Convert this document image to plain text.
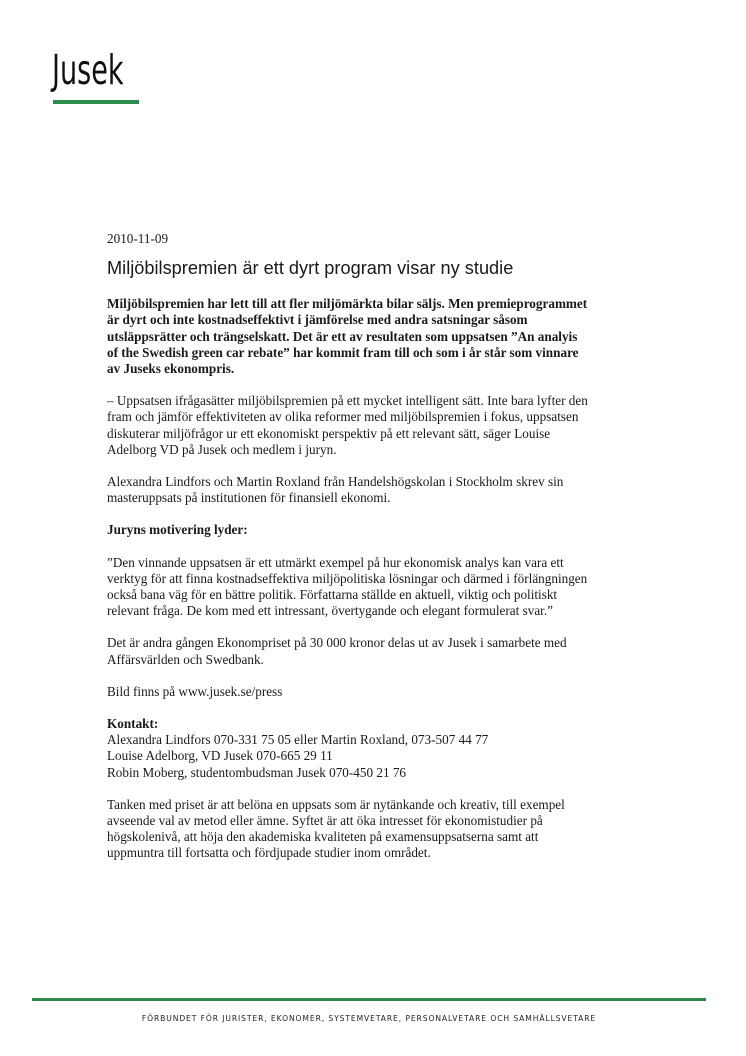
Jusek

2010-11-09

Miljöbilspremien är ett dyrt program visar ny studie

Miljöbilspremien har lett till att fler miljömärkta bilar säljs. Men premieprogrammet
är dyrt och inte kostnadseffektivt i jämförelse med andra satsningar såsom
utsläppsrätter och trängselskatt. Det är ett av resultaten som uppsatsen ”An analyis
of the Swedish green car rebate” har kommit fram till och som i år står som vinnare
av Juseks ekonompris.

– Uppsatsen ifrågasätter miljöbilspremien på ett mycket intelligent sätt. Inte bara lyfter den
fram och jämför effektiviteten av olika reformer med miljöbilspremien i fokus, uppsatsen
diskuterar miljöfrågor ur ett ekonomiskt perspektiv på ett relevant sätt, säger Louise
Adelborg VD på Jusek och medlem i juryn.

Alexandra Lindfors och Martin Roxland från Handelshögskolan i Stockholm skrev sin
masteruppsats på institutionen för finansiell ekonomi.

Juryns motivering lyder:

”Den vinnande uppsatsen är ett utmärkt exempel på hur ekonomisk analys kan vara ett
verktyg för att finna kostnadseffektiva miljöpolitiska lösningar och därmed i förlängningen
också bana väg för en bättre politik. Författarna ställde en aktuell, viktig och politiskt
relevant fråga. De kom med ett intressant, övertygande och elegant formulerat svar.”

Det är andra gången Ekonompriset på 30 000 kronor delas ut av Jusek i samarbete med
Affärsvärlden och Swedbank.

Bild finns på www.jusek.se/press

Kontakt:
Alexandra Lindfors 070-331 75 05 eller Martin Roxland, 073-507 44 77
Louise Adelborg, VD Jusek 070-665 29 11
Robin Moberg, studentombudsman Jusek 070-450 21 76

Tanken med priset är att belöna en uppsats som är nytänkande och kreativ, till exempel
avseende val av metod eller ämne. Syftet är att öka intresset för ekonomistudier på
högskolenivå, att höja den akademiska kvaliteten på examensuppsatserna samt att
uppmuntra till fortsatta och fördjupade studier inom området.

FÖRBUNDET FÖR JURISTER, EKONOMER, SYSTEMVETARE, PERSONALVETARE OCH SAMHÄLLSVETARE
